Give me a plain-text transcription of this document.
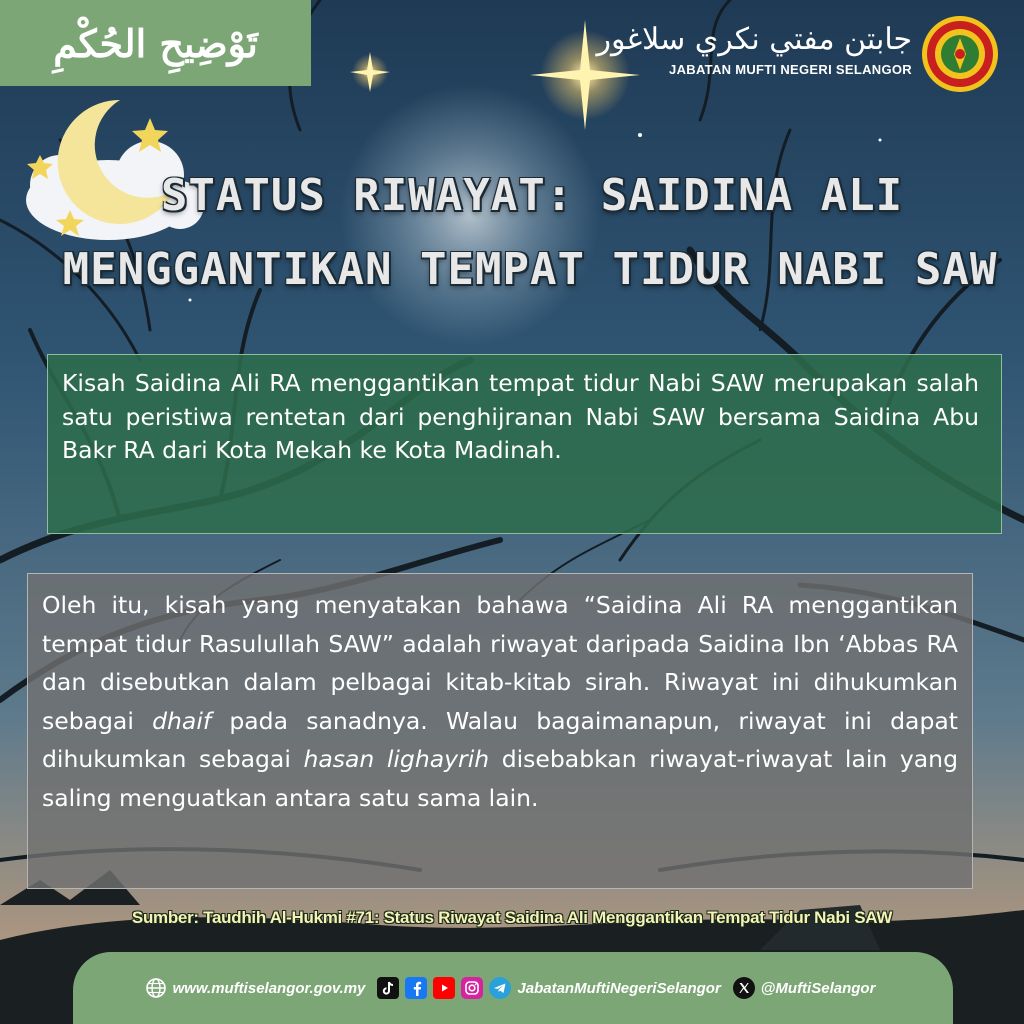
تَوْضِيحِ الحُكْمِ	جابتن مفتي نكري سلاغور
JABATAN MUFTI NEGERI SELANGOR
STATUS RIWAYAT: SAIDINA ALI
MENGGANTIKAN TEMPAT TIDUR NABI SAW
Kisah Saidina Ali RA menggantikan tempat tidur Nabi SAW merupakan salah satu peristiwa rentetan dari penghijranan Nabi SAW bersama Saidina Abu Bakr RA dari Kota Mekah ke Kota Madinah.
Oleh itu, kisah yang menyatakan bahawa “Saidina Ali RA menggantikan tempat tidur Rasulullah SAW” adalah riwayat daripada Saidina Ibn ‘Abbas RA dan disebutkan dalam pelbagai kitab-kitab sirah. Riwayat ini dihukumkan sebagai dhaif pada sanadnya. Walau bagaimanapun, riwayat ini dapat dihukumkan sebagai hasan lighayrih disebabkan riwayat-riwayat lain yang saling menguatkan antara satu sama lain.
Sumber: Taudhih Al-Hukmi #71: Status Riwayat Saidina Ali Menggantikan Tempat Tidur Nabi SAW
www.muftiselangor.gov.my	JabatanMuftiNegeriSelangor	@MuftiSelangor
